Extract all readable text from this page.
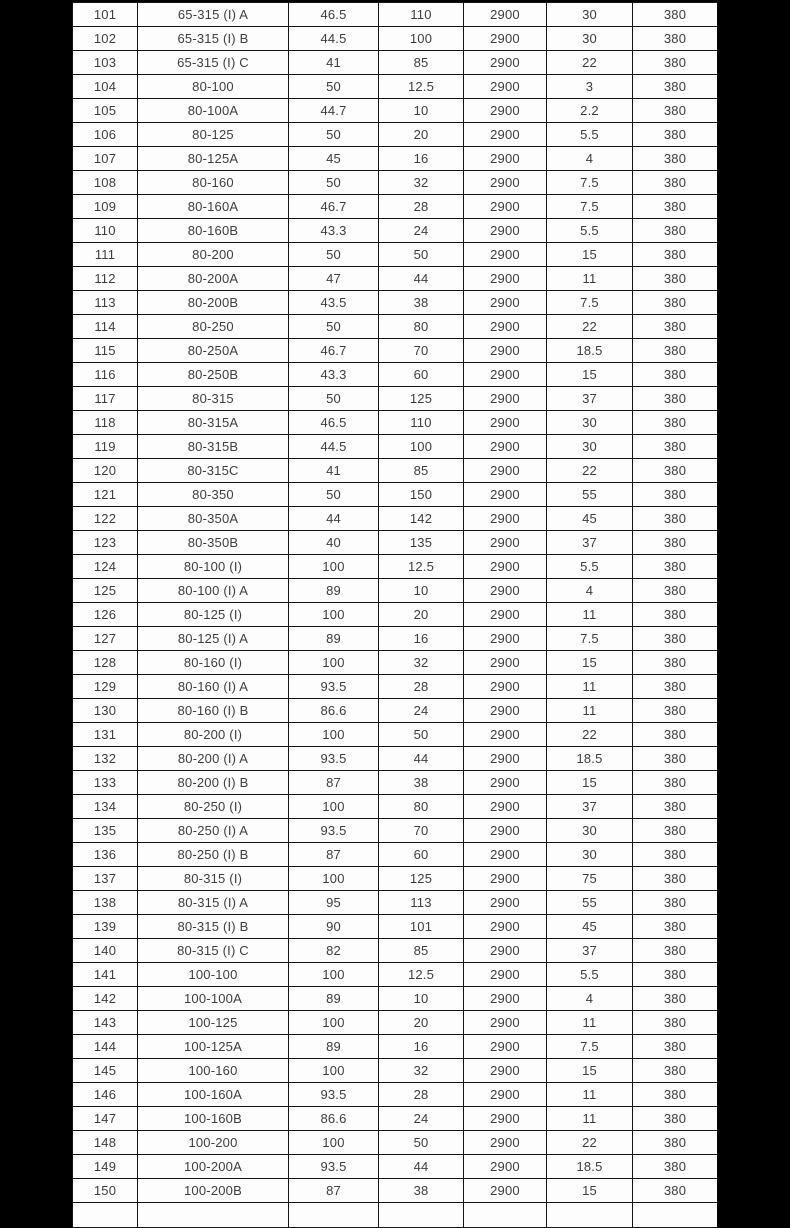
101	65-315 (I) A	46.5	110	2900	30	380
102	65-315 (I) B	44.5	100	2900	30	380
103	65-315 (I) C	41	85	2900	22	380
104	80-100	50	12.5	2900	3	380
105	80-100A	44.7	10	2900	2.2	380
106	80-125	50	20	2900	5.5	380
107	80-125A	45	16	2900	4	380
108	80-160	50	32	2900	7.5	380
109	80-160A	46.7	28	2900	7.5	380
110	80-160B	43.3	24	2900	5.5	380
111	80-200	50	50	2900	15	380
112	80-200A	47	44	2900	11	380
113	80-200B	43.5	38	2900	7.5	380
114	80-250	50	80	2900	22	380
115	80-250A	46.7	70	2900	18.5	380
116	80-250B	43.3	60	2900	15	380
117	80-315	50	125	2900	37	380
118	80-315A	46.5	110	2900	30	380
119	80-315B	44.5	100	2900	30	380
120	80-315C	41	85	2900	22	380
121	80-350	50	150	2900	55	380
122	80-350A	44	142	2900	45	380
123	80-350B	40	135	2900	37	380
124	80-100 (I)	100	12.5	2900	5.5	380
125	80-100 (I) A	89	10	2900	4	380
126	80-125 (I)	100	20	2900	11	380
127	80-125 (I) A	89	16	2900	7.5	380
128	80-160 (I)	100	32	2900	15	380
129	80-160 (I) A	93.5	28	2900	11	380
130	80-160 (I) B	86.6	24	2900	11	380
131	80-200 (I)	100	50	2900	22	380
132	80-200 (I) A	93.5	44	2900	18.5	380
133	80-200 (I) B	87	38	2900	15	380
134	80-250 (I)	100	80	2900	37	380
135	80-250 (I) A	93.5	70	2900	30	380
136	80-250 (I) B	87	60	2900	30	380
137	80-315 (I)	100	125	2900	75	380
138	80-315 (I) A	95	113	2900	55	380
139	80-315 (I) B	90	101	2900	45	380
140	80-315 (I) C	82	85	2900	37	380
141	100-100	100	12.5	2900	5.5	380
142	100-100A	89	10	2900	4	380
143	100-125	100	20	2900	11	380
144	100-125A	89	16	2900	7.5	380
145	100-160	100	32	2900	15	380
146	100-160A	93.5	28	2900	11	380
147	100-160B	86.6	24	2900	11	380
148	100-200	100	50	2900	22	380
149	100-200A	93.5	44	2900	18.5	380
150	100-200B	87	38	2900	15	380
